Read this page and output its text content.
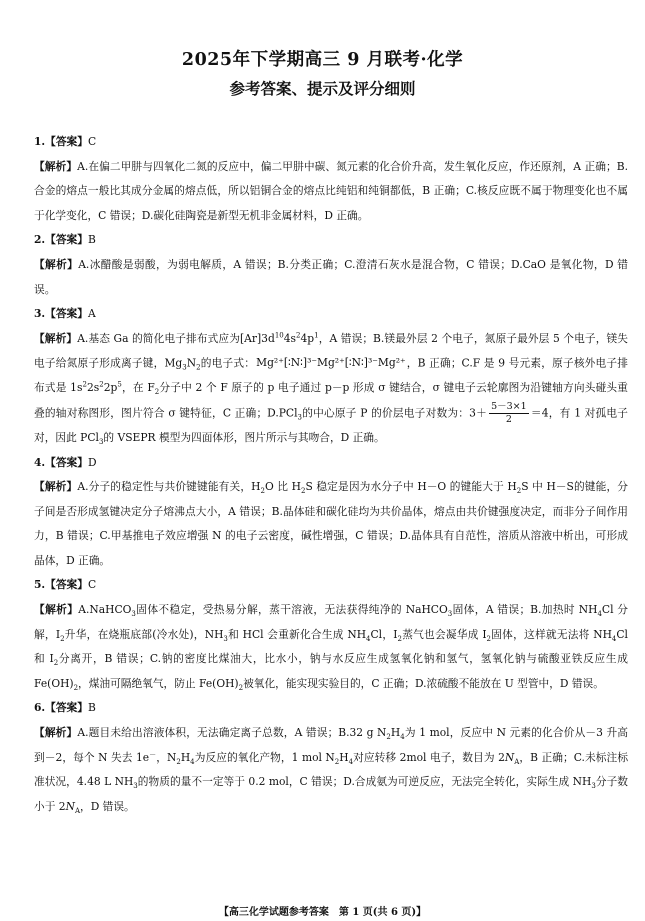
2025年下学期高三 9 月联考·化学
参考答案、提示及评分细则
1.【答案】C
【解析】A.在偏二甲肼与四氧化二氮的反应中，偏二甲肼中碳、氮元素的化合价升高，发生氧化反应，作还原剂，A 正确；B.合金的熔点一般比其成分金属的熔点低，所以铝铜合金的熔点比纯铝和纯铜都低，B 正确；C.核反应既不属于物理变化也不属于化学变化，C 错误；D.碳化硅陶瓷是新型无机非金属材料，D 正确。
2.【答案】B
【解析】A.冰醋酸是弱酸，为弱电解质，A 错误；B.分类正确；C.澄清石灰水是混合物，C 错误；D.CaO 是氧化物，D 错误。
3.【答案】A
【解析】A.基态 Ga 的简化电子排布式应为$[Ar]3d^{10}4s^24p^1$，A 错误；B.镁最外层 2 个电子，氮原子最外层 5 个电子，镁失电子给氮原子形成离子键，$Mg_3N_2$的电子式：Mg²⁺[∶N∶]³⁻Mg²⁺[∶N∶]³⁻Mg²⁺，B 正确；C.F 是 9 号元素，原子核外电子排布式是 $1s^22s^22p^5$，在 $F_2$分子中 2 个 F 原子的 p 电子通过 p－p 形成 σ 键结合，σ 键电子云轮廓图为沿键轴方向头碰头重叠的轴对称图形，图片符合 σ 键特征，C 正确；D.PCl$_3$的中心原子 P 的价层电子对数为：$3+ \frac{5-3\times 1}{2} =4$，有 1 对孤电子对，因此 PCl$_3$的 VSEPR 模型为四面体形，图片所示与其吻合，D 正确。
4.【答案】D
【解析】A.分子的稳定性与共价键键能有关，$H_2O$ 比 $H_2S$ 稳定是因为水分子中 H－O 的键能大于 $H_2S$ 中 H－S的键能，分子间是否形成氢键决定分子熔沸点大小，A 错误；B.晶体硅和碳化硅均为共价晶体，熔点由共价键强度决定，而非分子间作用力，B 错误；C.甲基推电子效应增强 N 的电子云密度，碱性增强，C 错误；D.晶体具有自范性，溶质从溶液中析出，可形成晶体，D 正确。
5.【答案】C
【解析】A.NaHCO$_3$固体不稳定，受热易分解，蒸干溶液，无法获得纯净的 NaHCO$_3$固体，A 错误；B.加热时 $NH_4Cl$ 分解，$I_2$升华，在烧瓶底部(冷水处)，$NH_3$和 HCl 会重新化合生成 $NH_4Cl$，$I_2$蒸气也会凝华成 $I_2$固体，这样就无法将 $NH_4Cl$ 和 $I_2$分离开，B 错误；C.钠的密度比煤油大，比水小，钠与水反应生成氢氧化钠和氢气，氢氧化钠与硫酸亚铁反应生成 $Fe(OH)_2$，煤油可隔绝氧气，防止 $Fe(OH)_2$被氧化，能实现实验目的，C 正确；D.浓硫酸不能放在 U 型管中，D 错误。
6.【答案】B
【解析】A.题目未给出溶液体积，无法确定离子总数，A 错误；B.32 g $N_2H_4$为 1 mol，反应中 N 元素的化合价从－3 升高到－2，每个 N 失去 1e－，$N_2H_4$为反应的氧化产物，1 mol $N_2H_4$对应转移 2mol 电子，数目为 $2N_A$，B 正确；C.未标注标准状况，4.48 L $NH_3$的物质的量不一定等于 0.2 mol，C 错误；D.合成氨为可逆反应，无法完全转化，实际生成 $NH_3$分子数小于 $2N_A$，D 错误。
【高三化学试题参考答案　第 1 页(共 6 页)】
